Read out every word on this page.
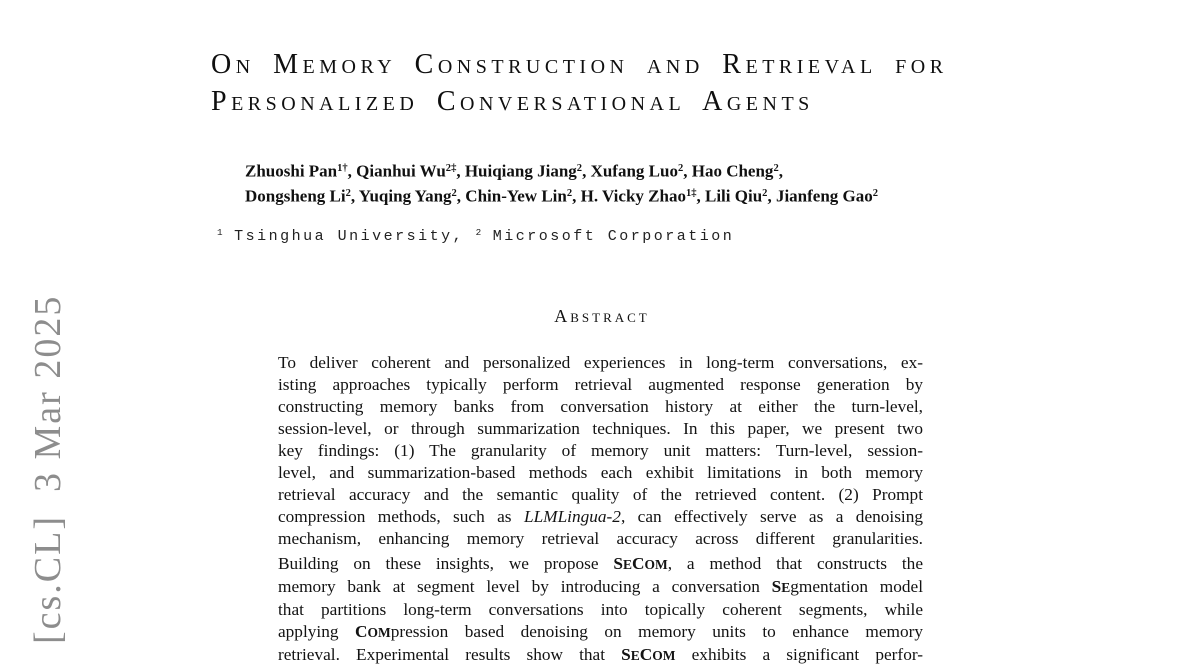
[cs.CL]  3 Mar 2025
On Memory Construction and Retrieval for
Personalized Conversational Agents
Zhuoshi Pan$^{1\dagger}$, Qianhui $Wu^{2\ddagger}$, Huiqiang Jiang$^2$, Xufang Luo$^2$, Hao Cheng$^2$,
Dongsheng Li$^2$, Yuqing Yang$^2$, Chin-Yew Lin$^2$, H. Vicky Zhao$^{1\ddagger}$, Lili Qiu$^2$, Jianfeng Gao$^2$
$^1$ Tsinghua University, $^2$ Microsoft Corporation
Abstract
To deliver coherent and personalized experiences in long-term conversations, ex-
isting approaches typically perform retrieval augmented response generation by
constructing memory banks from conversation history at either the turn-level,
session-level, or through summarization techniques. In this paper, we present two
key findings: (1) The granularity of memory unit matters: Turn-level, session-
level, and summarization-based methods each exhibit limitations in both memory
retrieval accuracy and the semantic quality of the retrieved content. (2) Prompt
compression methods, such as LLMLingua-2, can effectively serve as a denoising
mechanism, enhancing memory retrieval accuracy across different granularities.
Building on these insights, we propose SECOM, a method that constructs the
memory bank at segment level by introducing a conversation SEgmentation model
that partitions long-term conversations into topically coherent segments, while
applying COMpression based denoising on memory units to enhance memory
retrieval. Experimental results show that SECOM exhibits a significant perfor-
